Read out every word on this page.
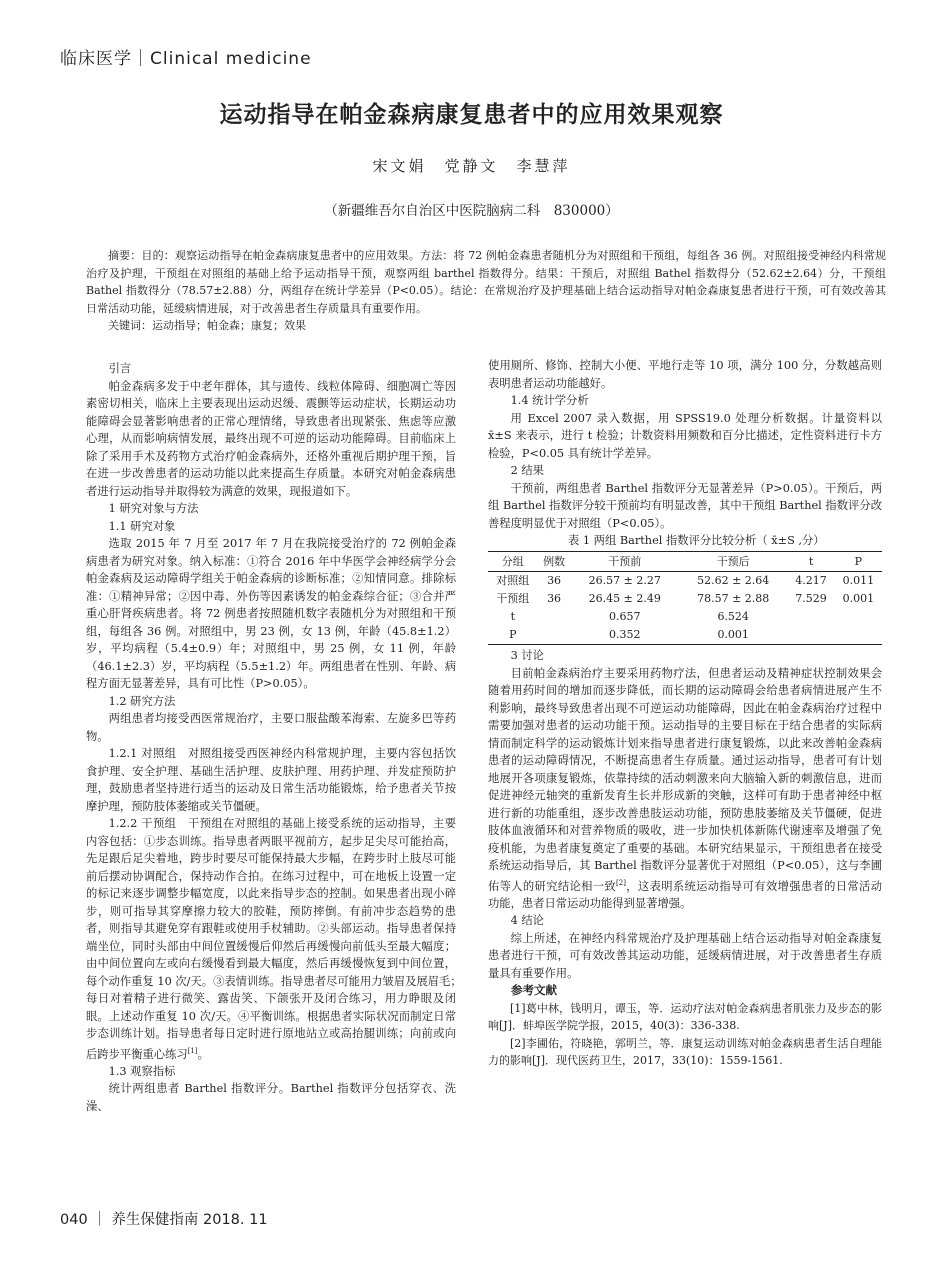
临床医学｜Clinical medicine
运动指导在帕金森病康复患者中的应用效果观察
宋文娟　党静文　李慧萍
（新疆维吾尔自治区中医院脑病二科　830000）

摘要：目的：观察运动指导在帕金森病康复患者中的应用效果。方法：将 72 例帕金森患者随机分为对照组和干预组，每组各 36 例。对照组接受神经内科常规治疗及护理，干预组在对照组的基础上给予运动指导干预，观察两组 barthel 指数得分。结果：干预后，对照组 Bathel 指数得分（52.62±2.64）分，干预组 Bathel 指数得分（78.57±2.88）分，两组存在统计学差异（P<0.05）。结论：在常规治疗及护理基础上结合运动指导对帕金森康复患者进行干预，可有效改善其日常活动功能，延缓病情进展，对于改善患者生存质量具有重要作用。

关键词：运动指导；帕金森；康复；效果

引言

帕金森病多发于中老年群体，其与遗传、线粒体障碍、细胞凋亡等因素密切相关，临床上主要表现出运动迟缓、震颤等运动症状，长期运动功能障碍会显著影响患者的正常心理情绪，导致患者出现紧张、焦虑等应激心理，从而影响病情发展，最终出现不可逆的运动功能障碍。目前临床上除了采用手术及药物方式治疗帕金森病外，还格外重视后期护理干预，旨在进一步改善患者的运动功能以此来提高生存质量。本研究对帕金森病患者进行运动指导并取得较为满意的效果，现报道如下。

1 研究对象与方法

1.1 研究对象

选取 2015 年 7 月至 2017 年 7 月在我院接受治疗的 72 例帕金森病患者为研究对象。纳入标准：①符合 2016 年中华医学会神经病学分会帕金森病及运动障碍学组关于帕金森病的诊断标准；②知情同意。排除标准：①精神异常；②因中毒、外伤等因素诱发的帕金森综合征；③合并严重心肝肾疾病患者。将 72 例患者按照随机数字表随机分为对照组和干预组，每组各 36 例。对照组中，男 23 例，女 13 例，年龄（45.8±1.2）岁，平均病程（5.4±0.9）年；对照组中，男 25 例，女 11 例，年龄（46.1±2.3）岁，平均病程（5.5±1.2）年。两组患者在性别、年龄、病程方面无显著差异，具有可比性（P>0.05）。

1.2 研究方法

两组患者均接受西医常规治疗，主要口服盐酸苯海索、左旋多巴等药物。

1.2.1 对照组　对照组接受西医神经内科常规护理，主要内容包括饮食护理、安全护理、基础生活护理、皮肤护理、用药护理、并发症预防护理，鼓励患者坚持进行适当的运动及日常生活功能锻炼，给予患者关节按摩护理，预防肢体萎缩或关节僵硬。

1.2.2 干预组　干预组在对照组的基础上接受系统的运动指导，主要内容包括：①步态训练。指导患者两眼平视前方，起步足尖尽可能抬高，先足跟后足尖着地，跨步时要尽可能保持最大步幅，在跨步时上肢尽可能前后摆动协调配合，保持动作合拍。在练习过程中，可在地板上设置一定的标记来逐步调整步幅宽度，以此来指导步态的控制。如果患者出现小碎步，则可指导其穿摩擦力较大的胶鞋，预防摔倒。有前冲步态趋势的患者，则指导其避免穿有跟鞋或使用手杖辅助。②头部运动。指导患者保持端坐位，同时头部由中间位置缓慢后仰然后再缓慢向前低头至最大幅度；由中间位置向左或向右缓慢看到最大幅度，然后再缓慢恢复到中间位置，每个动作重复 10 次/天。③表情训练。指导患者尽可能用力皱眉及展眉毛；　每日对着精子进行微笑、露齿笑、下颌张开及闭合练习，用力睁眼及闭眼。上述动作重复 10 次/天。④平衡训练。根据患者实际状况而制定日常步态训练计划。指导患者每日定时进行原地站立或高抬腿训练；向前或向后跨步平衡重心练习[1]。

1.3 观察指标

统计两组患者 Barthel 指数评分。Barthel 指数评分包括穿衣、洗澡、

使用厕所、修饰、控制大小便、平地行走等 10 项，满分 100 分，分数越高则表明患者运动功能越好。

1.4 统计学分析

用 Excel 2007 录入数据，用 SPSS19.0 处理分析数据。计量资料以 x̄±S 来表示，进行 t 检验；计数资料用频数和百分比描述，定性资料进行卡方检验，P<0.05 具有统计学差异。

2 结果

干预前，两组患者 Barthel 指数评分无显著差异（P>0.05）。干预后，两组 Barthel 指数评分较干预前均有明显改善，其中干预组 Barthel 指数评分改善程度明显优于对照组（P<0.05）。

表 1 两组 Barthel 指数评分比较分析（ x̄±S ,分）

分组	例数	干预前	干预后	t	P
对照组	36	26.57 ± 2.27	52.62 ± 2.64	4.217	0.011
干预组	36	26.45 ± 2.49	78.57 ± 2.88	7.529	0.001
t		0.657	6.524		
P		0.352	0.001		

3 讨论

目前帕金森病治疗主要采用药物疗法，但患者运动及精神症状控制效果会随着用药时间的增加而逐步降低，而长期的运动障碍会给患者病情进展产生不利影响，最终导致患者出现不可逆运动功能障碍，因此在帕金森病治疗过程中需要加强对患者的运动功能干预。运动指导的主要目标在于结合患者的实际病情而制定科学的运动锻炼计划来指导患者进行康复锻炼，以此来改善帕金森病患者的运动障碍情况，不断提高患者生存质量。通过运动指导，患者可有计划地展开各项康复锻炼，依靠持续的活动刺激来向大脑输入新的刺激信息，进而促进神经元轴突的重新发育生长并形成新的突触，这样可有助于患者神经中枢进行新的功能重组，逐步改善患肢运动功能，预防患肢萎缩及关节僵硬，促进肢体血液循环和对营养物质的吸收，进一步加快机体新陈代谢速率及增强了免疫机能，为患者康复奠定了重要的基础。本研究结果显示，干预组患者在接受系统运动指导后，其 Barthel 指数评分显著优于对照组（P<0.05），这与李圃佑等人的研究结论相一致[2]，这表明系统运动指导可有效增强患者的日常活动功能，患者日常运动功能得到显著增强。

4 结论

综上所述，在神经内科常规治疗及护理基础上结合运动指导对帕金森康复患者进行干预，可有效改善其运动功能，延缓病情进展，对于改善患者生存质量具有重要作用。

参考文献

[1]葛中林，钱明月，谭玉，等．运动疗法对帕金森病患者肌张力及步态的影响[J]．蚌埠医学院学报，2015，40(3)：336-338.

[2]李圃佑，符晓艳，郭明兰，等．康复运动训练对帕金森病患者生活自理能力的影响[J]．现代医药卫生，2017，33(10)：1559-1561.

040 ｜ 养生保健指南 2018. 11
